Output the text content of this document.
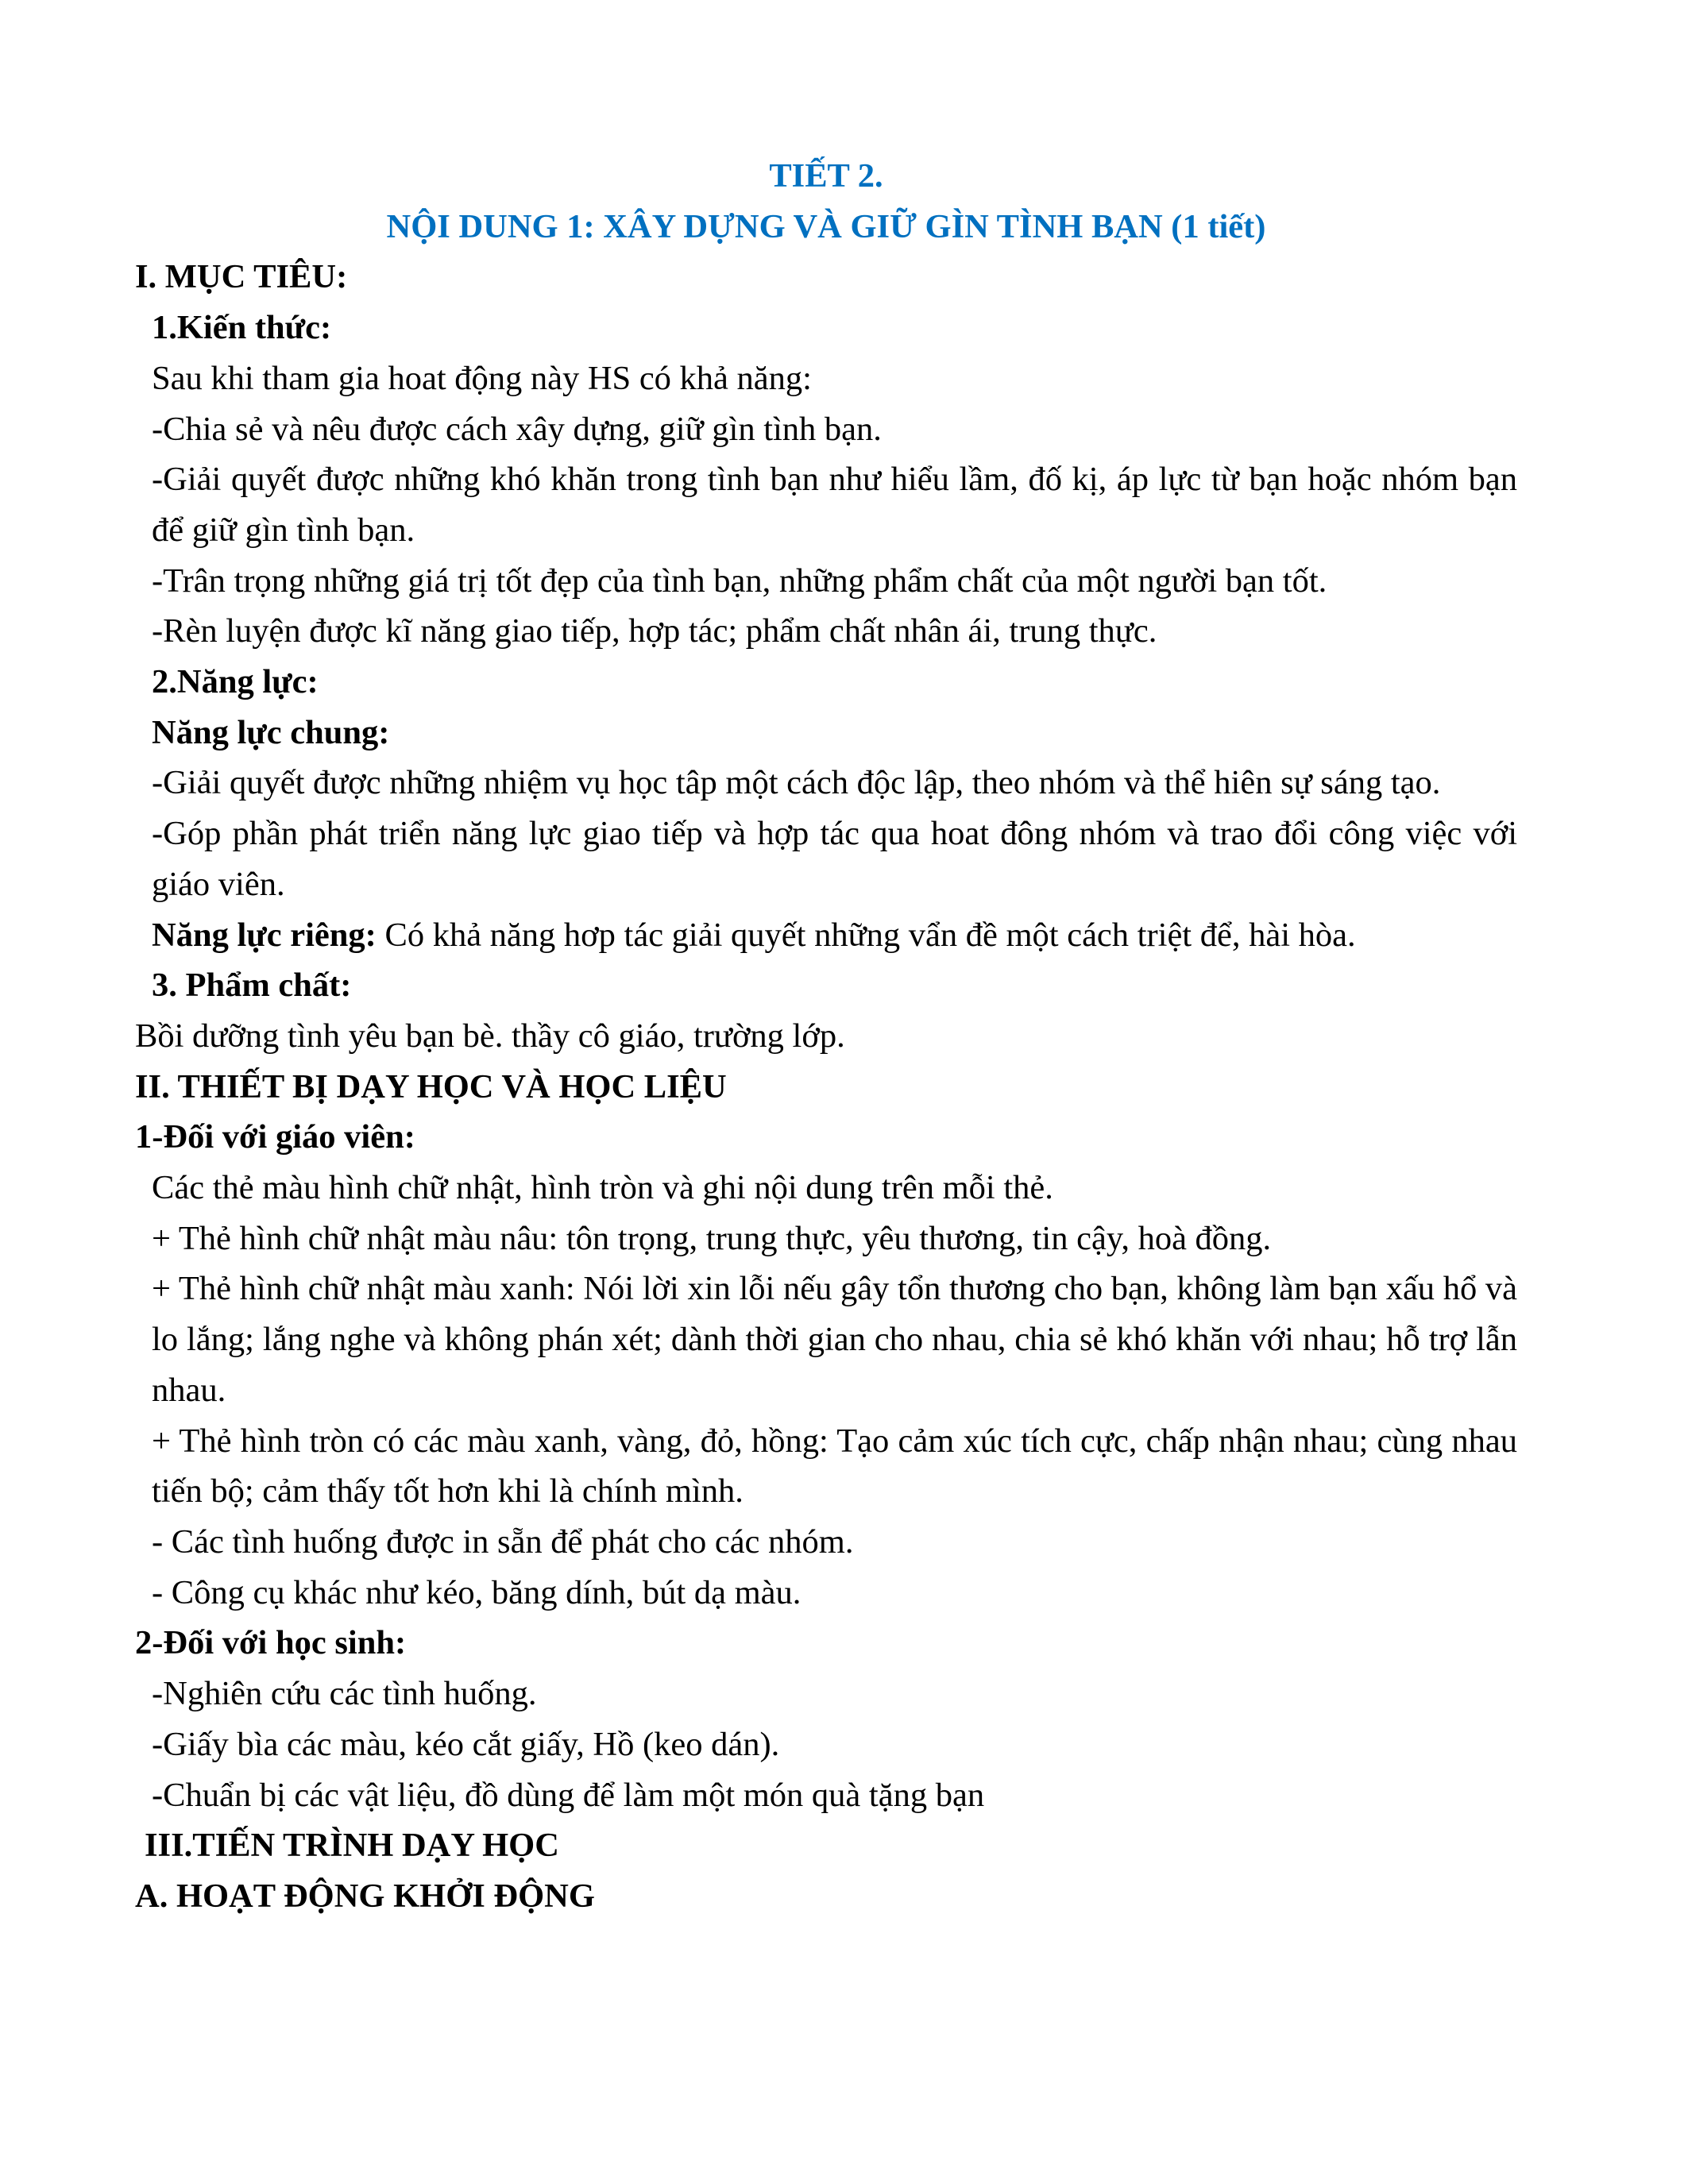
TIẾT 2.

NỘI DUNG 1: XÂY DỰNG VÀ GIỮ GÌN TÌNH BẠN (1 tiết)

I. MỤC TIÊU:

1.Kiến thức:

Sau khi tham gia hoat động này HS có khả năng:

-Chia sẻ và nêu được cách xây dựng, giữ gìn tình bạn.

-Giải quyết được những khó khăn trong tình bạn như hiểu lầm, đố kị, áp lực từ bạn hoặc nhóm bạn để giữ gìn tình bạn.

-Trân trọng những giá trị tốt đẹp của tình bạn, những phẩm chất của một người bạn tốt.

-Rèn luyện được kĩ năng giao tiếp, hợp tác; phẩm chất nhân ái, trung thực.

2.Năng lực:

Năng lực chung:

-Giải quyết được những nhiệm vụ học tâp một cách độc lập, theo nhóm và thể hiên sự sáng tạo.

-Góp phần phát triển năng lực giao tiếp và hợp tác qua hoat đông nhóm và trao đổi công việc với giáo viên.

Năng lực riêng: Có khả năng hơp tác giải quyết những vẩn đề một cách triệt để, hài hòa.

3. Phẩm chất:

Bồi dưỡng tình yêu bạn bè. thầy cô giáo, trường lớp.

II. THIẾT BỊ DẠY HỌC VÀ HỌC LIỆU

1-Đối với giáo viên:

Các thẻ màu hình chữ nhật, hình tròn và ghi nội dung trên mỗi thẻ.

+ Thẻ hình chữ nhật màu nâu: tôn trọng, trung thực, yêu thương, tin cậy, hoà đồng.

+ Thẻ hình chữ nhật màu xanh: Nói lời xin lỗi nếu gây tổn thương cho bạn, không làm bạn xấu hổ và lo lắng; lắng nghe và không phán xét; dành thời gian cho nhau, chia sẻ khó khăn với nhau; hỗ trợ lẫn nhau.

+ Thẻ hình tròn có các màu xanh, vàng, đỏ, hồng: Tạo cảm xúc tích cực, chấp nhận nhau; cùng nhau tiến bộ; cảm thấy tốt hơn khi là chính mình.

- Các tình huống được in sẵn để phát cho các nhóm.

- Công cụ khác như kéo, băng dính, bút dạ màu.

2-Đối với học sinh:

-Nghiên cứu các tình huống.

-Giấy bìa các màu, kéo cắt giấy, Hồ (keo dán).

-Chuẩn bị các vật liệu, đồ dùng để làm một món quà tặng bạn

III.TIẾN TRÌNH DẠY HỌC

A. HOẠT ĐỘNG KHỞI ĐỘNG
